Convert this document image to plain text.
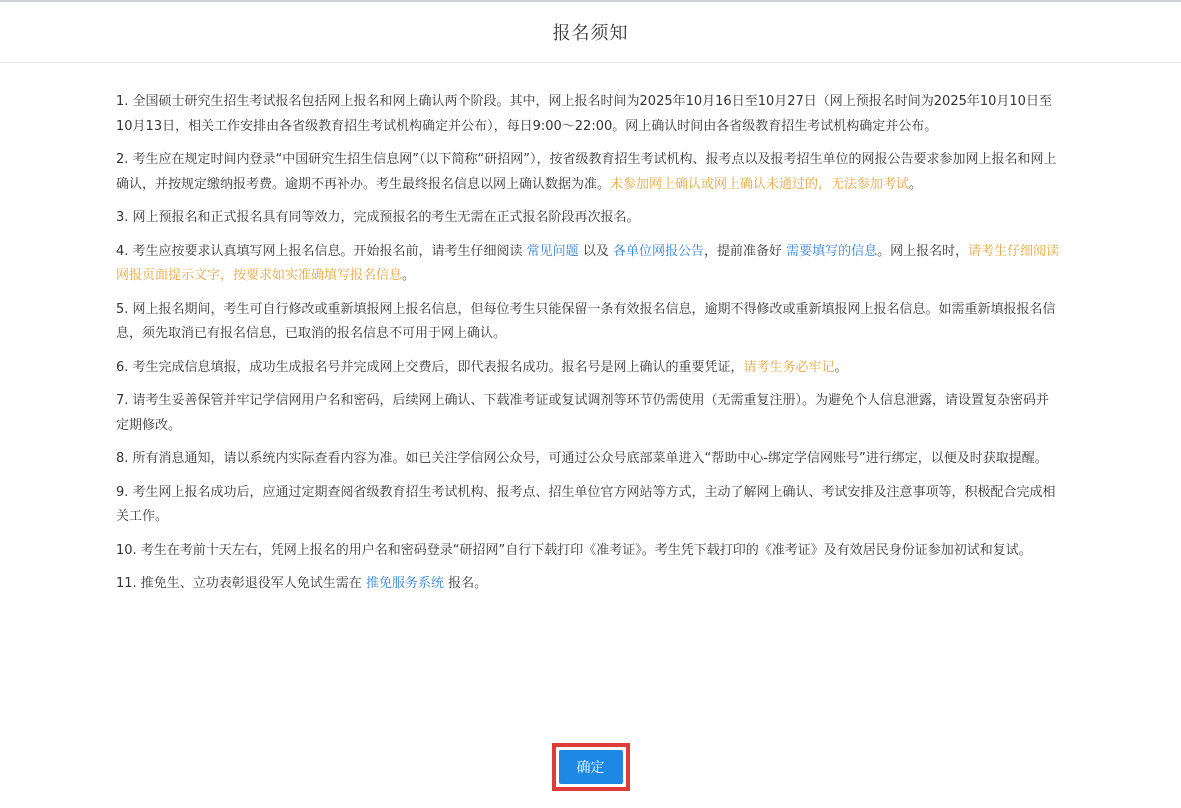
报名须知

1. 全国硕士研究生招生考试报名包括网上报名和网上确认两个阶段。其中，网上报名时间为2025年10月16日至10月27日（网上预报名时间为2025年10月10日至10月13日，相关工作安排由各省级教育招生考试机构确定并公布），每日9:00～22:00。网上确认时间由各省级教育招生考试机构确定并公布。

2. 考生应在规定时间内登录“中国研究生招生信息网”（以下简称“研招网”），按省级教育招生考试机构、报考点以及报考招生单位的网报公告要求参加网上报名和网上确认，并按规定缴纳报考费。逾期不再补办。考生最终报名信息以网上确认数据为准。未参加网上确认或网上确认未通过的，无法参加考试。

3. 网上预报名和正式报名具有同等效力，完成预报名的考生无需在正式报名阶段再次报名。

4. 考生应按要求认真填写网上报名信息。开始报名前，请考生仔细阅读 常见问题 以及 各单位网报公告，提前准备好 需要填写的信息。网上报名时，请考生仔细阅读网报页面提示文字，按要求如实准确填写报名信息。

5. 网上报名期间，考生可自行修改或重新填报网上报名信息，但每位考生只能保留一条有效报名信息，逾期不得修改或重新填报网上报名信息。如需重新填报报名信息，须先取消已有报名信息，已取消的报名信息不可用于网上确认。

6. 考生完成信息填报，成功生成报名号并完成网上交费后，即代表报名成功。报名号是网上确认的重要凭证，请考生务必牢记。

7. 请考生妥善保管并牢记学信网用户名和密码，后续网上确认、下载准考证或复试调剂等环节仍需使用（无需重复注册）。为避免个人信息泄露，请设置复杂密码并定期修改。

8. 所有消息通知，请以系统内实际查看内容为准。如已关注学信网公众号，可通过公众号底部菜单进入“帮助中心-绑定学信网账号”进行绑定，以便及时获取提醒。

9. 考生网上报名成功后，应通过定期查阅省级教育招生考试机构、报考点、招生单位官方网站等方式，主动了解网上确认、考试安排及注意事项等，积极配合完成相关工作。

10. 考生在考前十天左右，凭网上报名的用户名和密码登录“研招网”自行下载打印《准考证》。考生凭下载打印的《准考证》及有效居民身份证参加初试和复试。

11. 推免生、立功表彰退役军人免试生需在 推免服务系统 报名。

确定
